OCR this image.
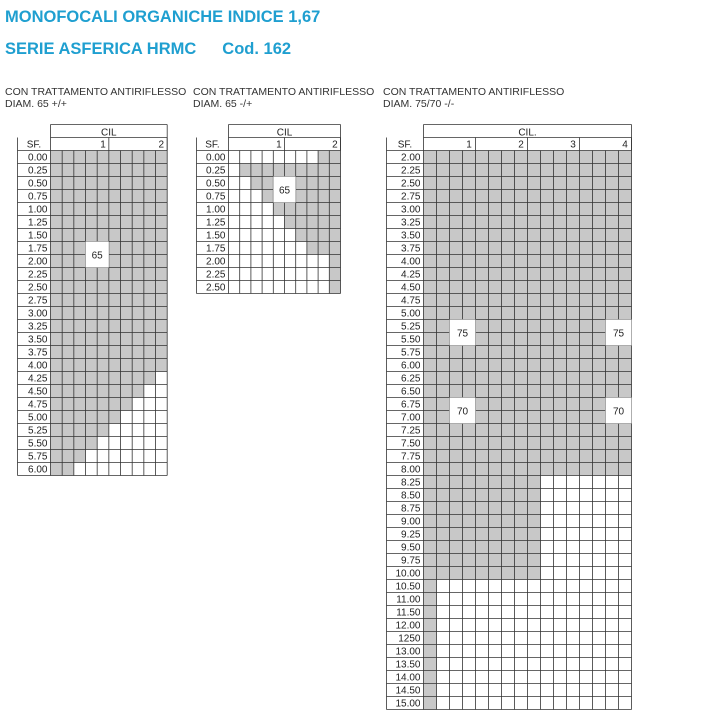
MONOFOCALI ORGANICHE INDICE 1,67
SERIE ASFERICA HRMC Cod. 162
CON TRATTAMENTO ANTIRIFLESSO
DIAM. 65 +/+
CON TRATTAMENTO ANTIRIFLESSO
DIAM. 65 -/+
CON TRATTAMENTO ANTIRIFLESSO
DIAM. 75/70 -/-
SF.
CIL
1	2
0.00
0.25
0.50
0.75
1.00
1.25
1.50
1.75
2.00
2.25
2.50
2.75
3.00
3.25
3.50
3.75
4.00
4.25
4.50
4.75
5.00
5.25
5.50
5.75
6.00
65
SF.
CIL
1	2
0.00
0.25
0.50
0.75
1.00
1.25
1.50
1.75
2.00
2.25
2.50
65
SF.
CIL.
1	2	3	4
2.00
2.25
2.50
2.75
3.00
3.25
3.50
3.75
4.00
4.25
4.50
4.75
5.00
5.25
5.50
5.75
6.00
6.25
6.50
6.75
7.00
7.25
7.50
7.75
8.00
8.25
8.50
8.75
9.00
9.25
9.50
9.75
10.00
10.50
11.00
11.50
12.00
1250
13.00
13.50
14.00
14.50
15.00
75	75
70	70
